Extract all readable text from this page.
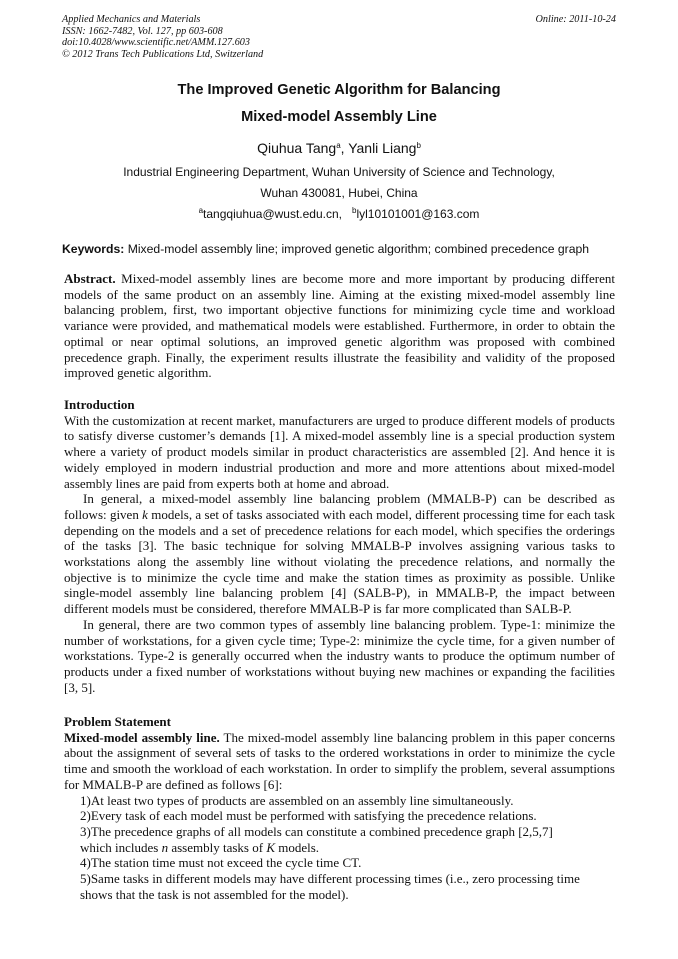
Applied Mechanics and Materials
ISSN: 1662-7482, Vol. 127, pp 603-608
doi:10.4028/www.scientific.net/AMM.127.603
© 2012 Trans Tech Publications Ltd, Switzerland
Online: 2011-10-24
The Improved Genetic Algorithm for Balancing
Mixed-model Assembly Line
Qiuhua Tang$^a$, Yanli Liang$^b$
Industrial Engineering Department, Wuhan University of Science and Technology,
Wuhan 430081, Hubei, China
$^a$tangqiuhua@wust.edu.cn, $^b$lyl10101001@163.com
Keywords: Mixed-model assembly line; improved genetic algorithm; combined precedence graph

Abstract. Mixed-model assembly lines are become more and more important by producing different models of the same product on an assembly line. Aiming at the existing mixed-model assembly line balancing problem, first, two important objective functions for minimizing cycle time and workload variance were provided, and mathematical models were established. Furthermore, in order to obtain the optimal or near optimal solutions, an improved genetic algorithm was proposed with combined precedence graph. Finally, the experiment results illustrate the feasibility and validity of the proposed improved genetic algorithm.

Introduction

With the customization at recent market, manufacturers are urged to produce different models of products to satisfy diverse customer’s demands [1]. A mixed-model assembly line is a special production system where a variety of product models similar in product characteristics are assembled [2]. And hence it is widely employed in modern industrial production and more and more attentions about mixed-model assembly lines are paid from experts both at home and abroad.

In general, a mixed-model assembly line balancing problem (MMALB-P) can be described as follows: given k models, a set of tasks associated with each model, different processing time for each task depending on the models and a set of precedence relations for each model, which specifies the orderings of the tasks [3]. The basic technique for solving MMALB-P involves assigning various tasks to workstations along the assembly line without violating the precedence relations, and normally the objective is to minimize the cycle time and make the station times as proximity as possible. Unlike single-model assembly line balancing problem [4] (SALB-P), in MMALB-P, the impact between different models must be considered, therefore MMALB-P is far more complicated than SALB-P.

In general, there are two common types of assembly line balancing problem. Type-1: minimize the number of workstations, for a given cycle time; Type-2: minimize the cycle time, for a given number of workstations. Type-2 is generally occurred when the industry wants to produce the optimum number of products under a fixed number of workstations without buying new machines or expanding the facilities [3, 5].

Problem Statement

Mixed-model assembly line. The mixed-model assembly line balancing problem in this paper concerns about the assignment of several sets of tasks to the ordered workstations in order to minimize the cycle time and smooth the workload of each workstation. In order to simplify the problem, several assumptions for MMALB-P are defined as follows [6]:

1)At least two types of products are assembled on an assembly line simultaneously.

2)Every task of each model must be performed with satisfying the precedence relations.

3)The precedence graphs of all models can constitute a combined precedence graph [2,5,7]

which includes n assembly tasks of K models.

4)The station time must not exceed the cycle time CT.

5)Same tasks in different models may have different processing times (i.e., zero processing time

shows that the task is not assembled for the model).
